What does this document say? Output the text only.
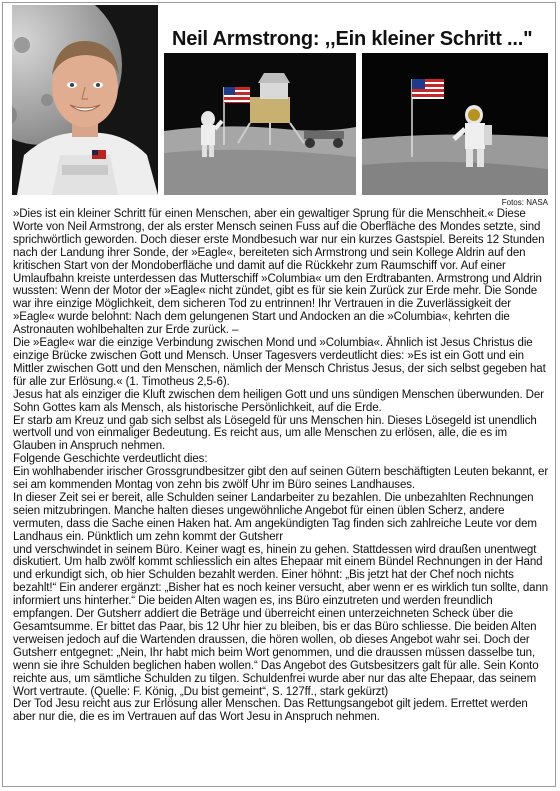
Neil Armstrong: ,,Ein kleiner Schritt ..."
Fotos: NASA

»Dies ist ein kleiner Schritt für einen Menschen, aber ein gewaltiger Sprung für die Menschheit.« Diese Worte von Neil Armstrong, der als erster Mensch seinen Fuss auf die Oberfläche des Mondes setzte, sind sprichwörtlich geworden. Doch dieser erste Mondbesuch war nur ein kurzes Gastspiel. Bereits 12 Stunden nach der Landung ihrer Sonde, der »Eagle«, bereiteten sich Armstrong und sein Kollege Aldrin auf den kritischen Start von der Mondoberfläche und damit auf die Rückkehr zum Raumschiff vor. Auf einer Umlaufbahn kreiste unterdessen das Mutterschiff »Columbia« um den Erdtrabanten. Armstrong und Aldrin wussten: Wenn der Motor der »Eagle« nicht zündet, gibt es für sie kein Zurück zur Erde mehr. Die Sonde war ihre einzige Möglichkeit, dem sicheren Tod zu entrinnen! Ihr Vertrauen in die Zuverlässigkeit der »Eagle« wurde belohnt: Nach dem gelungenen Start und Andocken an die »Columbia«, kehrten die Astronauten wohlbehalten zur Erde zurück. –

Die »Eagle« war die einzige Verbindung zwischen Mond und »Columbia«. Ähnlich ist Jesus Christus die einzige Brücke zwischen Gott und Mensch. Unser Tagesvers verdeutlicht dies: »Es ist ein Gott und ein Mittler zwischen Gott und den Menschen, nämlich der Mensch Christus Jesus, der sich selbst gegeben hat für alle zur Erlösung.« (1. Timotheus 2,5-6).

Jesus hat als einziger die Kluft zwischen dem heiligen Gott und uns sündigen Menschen überwunden. Der Sohn Gottes kam als Mensch, als historische Persönlichkeit, auf die Erde.

Er starb am Kreuz und gab sich selbst als Lösegeld für uns Menschen hin. Dieses Lösegeld ist unendlich wertvoll und von einmaliger Bedeutung. Es reicht aus, um alle Menschen zu erlösen, alle, die es im Glauben in Anspruch nehmen.

Folgende Geschichte verdeutlicht dies:

Ein wohlhabender irischer Grossgrundbesitzer gibt den auf seinen Gütern beschäftigten Leuten bekannt, er sei am kommenden Montag von zehn bis zwölf Uhr im Büro seines Landhauses.

In dieser Zeit sei er bereit, alle Schulden seiner Landarbeiter zu bezahlen. Die unbezahlten Rechnungen seien mitzubringen. Manche halten dieses ungewöhnliche Angebot für einen üblen Scherz, andere vermuten, dass die Sache einen Haken hat. Am angekündigten Tag finden sich zahlreiche Leute vor dem Landhaus ein. Pünktlich um zehn kommt der Gutsherr

und verschwindet in seinem Büro. Keiner wagt es, hinein zu gehen. Stattdessen wird draußen unentwegt diskutiert. Um halb zwölf kommt schliesslich ein altes Ehepaar mit einem Bündel Rechnungen in der Hand und erkundigt sich, ob hier Schulden bezahlt werden. Einer höhnt: „Bis jetzt hat der Chef noch nichts bezahlt!“ Ein anderer ergänzt: „Bisher hat es noch keiner versucht, aber wenn er es wirklich tun sollte, dann informiert uns hinterher.“ Die beiden Alten wagen es, ins Büro einzutreten und werden freundlich empfangen. Der Gutsherr addiert die Beträge und überreicht einen unterzeichneten Scheck über die Gesamtsumme. Er bittet das Paar, bis 12 Uhr hier zu bleiben, bis er das Büro schliesse. Die beiden Alten verweisen jedoch auf die Wartenden draussen, die hören wollen, ob dieses Angebot wahr sei. Doch der Gutsherr entgegnet: „Nein, Ihr habt mich beim Wort genommen, und die draussen müssen dasselbe tun, wenn sie ihre Schulden beglichen haben wollen.“ Das Angebot des Gutsbesitzers galt für alle. Sein Konto reichte aus, um sämtliche Schulden zu tilgen. Schuldenfrei wurde aber nur das alte Ehepaar, das seinem Wort vertraute. (Quelle: F. König, „Du bist gemeint“, S. 127ff., stark gekürzt)

Der Tod Jesu reicht aus zur Erlösung aller Menschen. Das Rettungsangebot gilt jedem. Errettet werden aber nur die, die es im Vertrauen auf das Wort Jesu in Anspruch nehmen.
